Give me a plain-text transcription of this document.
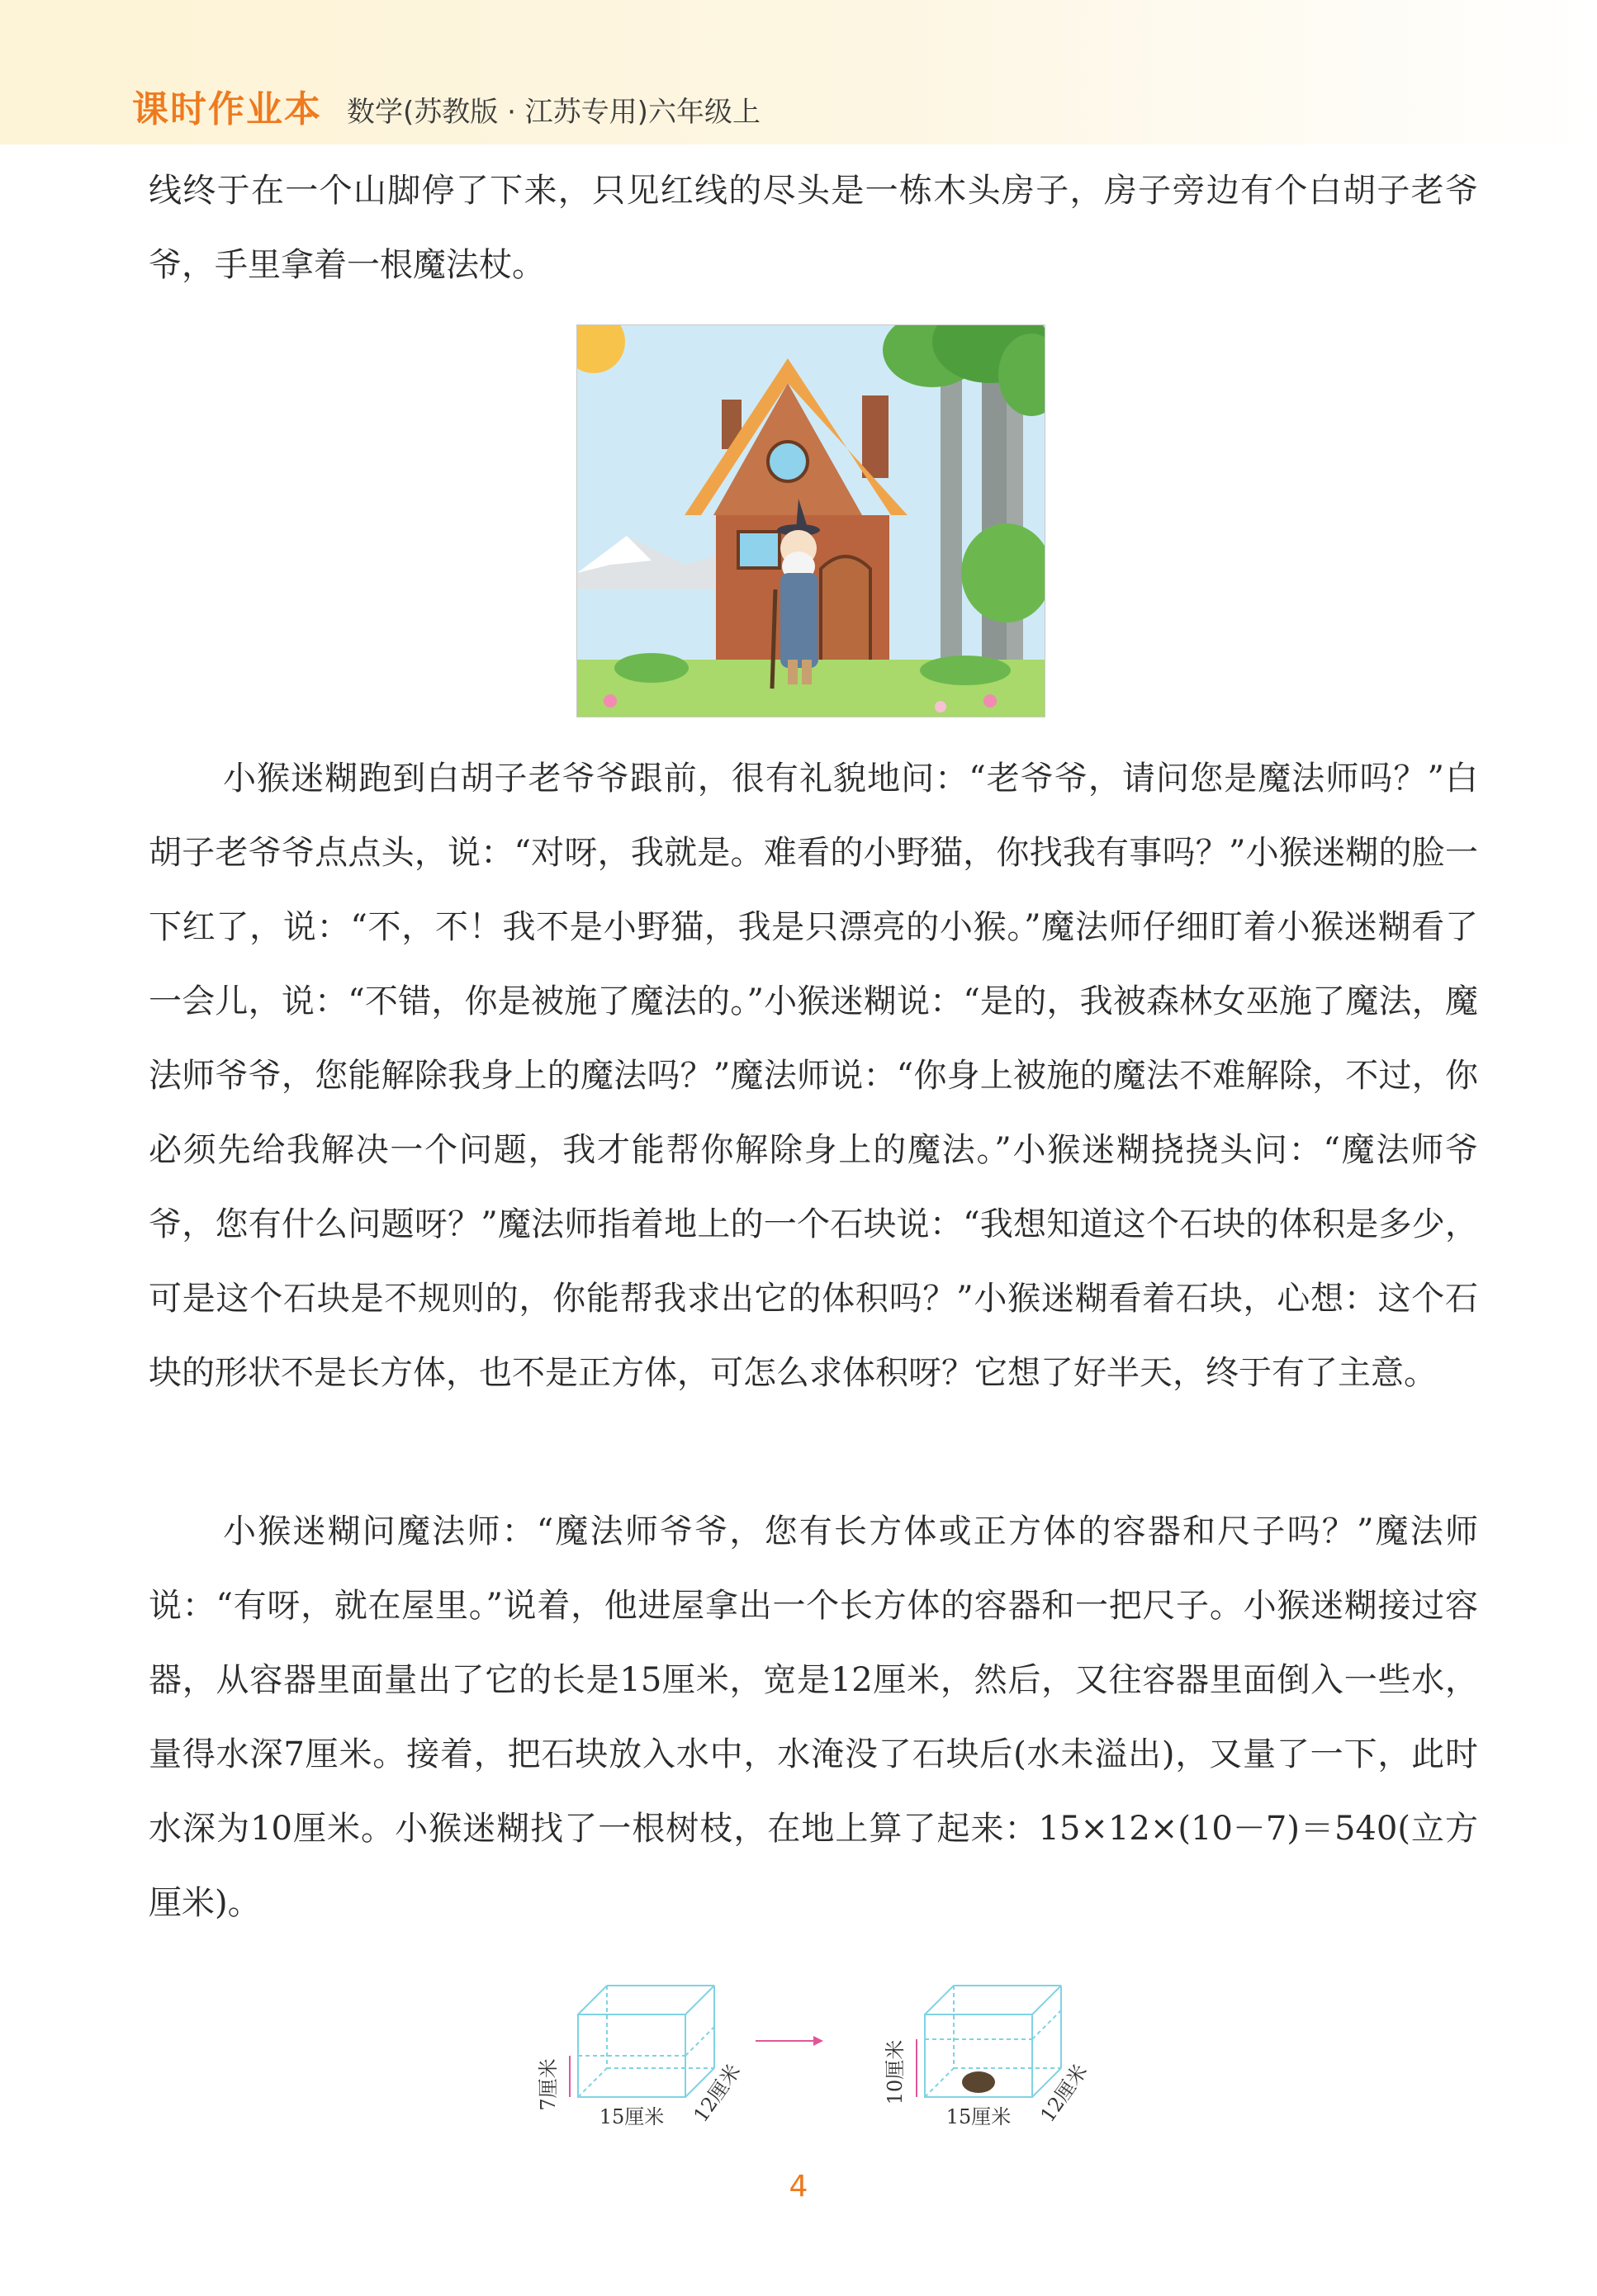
课时作业本 数学(苏教版 · 江苏专用)六年级上

线终于在一个山脚停了下来，只见红线的尽头是一栋木头房子，房子旁边有个白胡子老爷爷，手里拿着一根魔法杖。

小猴迷糊跑到白胡子老爷爷跟前，很有礼貌地问：“老爷爷，请问您是魔法师吗？”白胡子老爷爷点点头，说：“对呀，我就是。难看的小野猫，你找我有事吗？”小猴迷糊的脸一下红了，说：“不，不！我不是小野猫，我是只漂亮的小猴。”魔法师仔细盯着小猴迷糊看了一会儿，说：“不错，你是被施了魔法的。”小猴迷糊说：“是的，我被森林女巫施了魔法，魔法师爷爷，您能解除我身上的魔法吗？”魔法师说：“你身上被施的魔法不难解除，不过，你必须先给我解决一个问题，我才能帮你解除身上的魔法。”小猴迷糊挠挠头问：“魔法师爷爷，您有什么问题呀？”魔法师指着地上的一个石块说：“我想知道这个石块的体积是多少，可是这个石块是不规则的，你能帮我求出它的体积吗？”小猴迷糊看着石块，心想：这个石块的形状不是长方体，也不是正方体，可怎么求体积呀？它想了好半天，终于有了主意。

小猴迷糊问魔法师：“魔法师爷爷，您有长方体或正方体的容器和尺子吗？”魔法师说：“有呀，就在屋里。”说着，他进屋拿出一个长方体的容器和一把尺子。小猴迷糊接过容器，从容器里面量出了它的长是15厘米，宽是12厘米，然后，又往容器里面倒入一些水，量得水深7厘米。接着，把石块放入水中，水淹没了石块后(水未溢出)，又量了一下，此时水深为10厘米。小猴迷糊找了一根树枝，在地上算了起来：15×12×(10－7)＝540(立方厘米)。

7厘米
15厘米 12厘米	10厘米
15厘米 12厘米
4
